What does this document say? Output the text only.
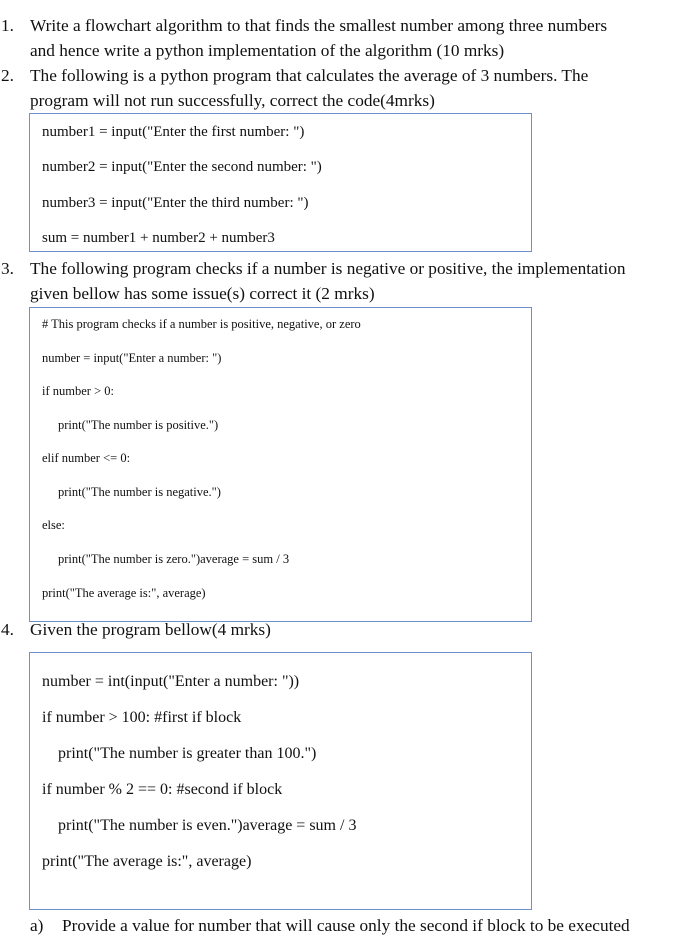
1. Write a flowchart algorithm to that finds the smallest number among three numbers
and hence write a python implementation of the algorithm (10 mrks)
2. The following is a python program that calculates the average of 3 numbers. The
program will not run successfully, correct the code(4mrks)
number1 = input("Enter the first number: ")
number2 = input("Enter the second number: ")
number3 = input("Enter the third number: ")
sum = number1 + number2 + number3
3. The following program checks if a number is negative or positive, the implementation
given bellow has some issue(s) correct it (2 mrks)
# This program checks if a number is positive, negative, or zero
number = input("Enter a number: ")
if number > 0:
print("The number is positive.")
elif number <= 0:
print("The number is negative.")
else:
print("The number is zero.")average = sum / 3
print("The average is:", average)
4. Given the program bellow(4 mrks)
number = int(input("Enter a number: "))
if number > 100: #first if block
print("The number is greater than 100.")
if number % 2 == 0: #second if block
print("The number is even.")average = sum / 3
print("The average is:", average)
a) Provide a value for number that will cause only the second if block to be executed
